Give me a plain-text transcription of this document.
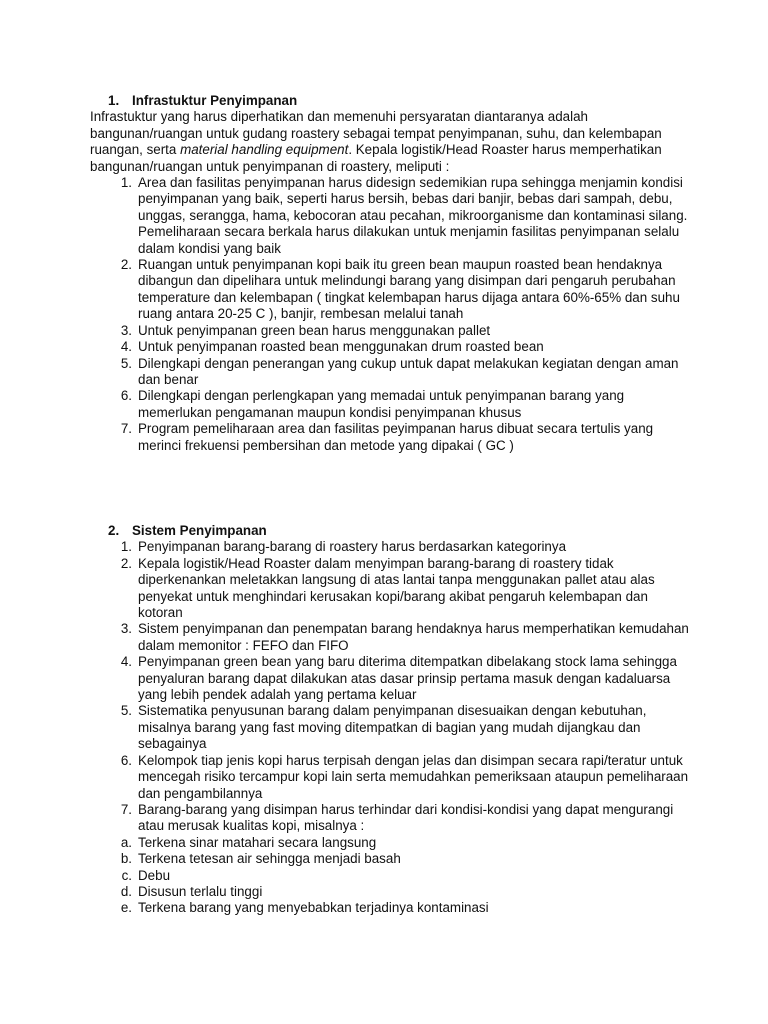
1. Infrastuktur Penyimpanan

Infrastuktur yang harus diperhatikan dan memenuhi persyaratan diantaranya adalah bangunan/ruangan untuk gudang roastery sebagai tempat penyimpanan, suhu, dan kelembapan ruangan, serta material handling equipment. Kepala logistik/Head Roaster harus memperhatikan bangunan/ruangan untuk penyimpanan di roastery, meliputi :

1. Area dan fasilitas penyimpanan harus didesign sedemikian rupa sehingga menjamin kondisi penyimpanan yang baik, seperti harus bersih, bebas dari banjir, bebas dari sampah, debu, unggas, serangga, hama, kebocoran atau pecahan, mikroorganisme dan kontaminasi silang. Pemeliharaan secara berkala harus dilakukan untuk menjamin fasilitas penyimpanan selalu dalam kondisi yang baik
2. Ruangan untuk penyimpanan kopi baik itu green bean maupun roasted bean hendaknya dibangun dan dipelihara untuk melindungi barang yang disimpan dari pengaruh perubahan temperature dan kelembapan ( tingkat kelembapan harus dijaga antara 60%-65% dan suhu ruang antara 20-25 C ), banjir, rembesan melalui tanah
3. Untuk penyimpanan green bean harus menggunakan pallet
4. Untuk penyimpanan roasted bean menggunakan drum roasted bean
5. Dilengkapi dengan penerangan yang cukup untuk dapat melakukan kegiatan dengan aman dan benar
6. Dilengkapi dengan perlengkapan yang memadai untuk penyimpanan barang yang memerlukan pengamanan maupun kondisi penyimpanan khusus
7. Program pemeliharaan area dan fasilitas peyimpanan harus dibuat secara tertulis yang merinci frekuensi pembersihan dan metode yang dipakai ( GC )
2. Sistem Penyimpanan
1. Penyimpanan barang-barang di roastery harus berdasarkan kategorinya
2. Kepala logistik/Head Roaster dalam menyimpan barang-barang di roastery tidak diperkenankan meletakkan langsung di atas lantai tanpa menggunakan pallet atau alas penyekat untuk menghindari kerusakan kopi/barang akibat pengaruh kelembapan dan kotoran
3. Sistem penyimpanan dan penempatan barang hendaknya harus memperhatikan kemudahan dalam memonitor : FEFO dan FIFO
4. Penyimpanan green bean yang baru diterima ditempatkan dibelakang stock lama sehingga penyaluran barang dapat dilakukan atas dasar prinsip pertama masuk dengan kadaluarsa yang lebih pendek adalah yang pertama keluar
5. Sistematika penyusunan barang dalam penyimpanan disesuaikan dengan kebutuhan, misalnya barang yang fast moving ditempatkan di bagian yang mudah dijangkau dan sebagainya
6. Kelompok tiap jenis kopi harus terpisah dengan jelas dan disimpan secara rapi/teratur untuk mencegah risiko tercampur kopi lain serta memudahkan pemeriksaan ataupun pemeliharaan dan pengambilannya
7. Barang-barang yang disimpan harus terhindar dari kondisi-kondisi yang dapat mengurangi atau merusak kualitas kopi, misalnya :
a. Terkena sinar matahari secara langsung
b. Terkena tetesan air sehingga menjadi basah
c. Debu
d. Disusun terlalu tinggi
e. Terkena barang yang menyebabkan terjadinya kontaminasi
